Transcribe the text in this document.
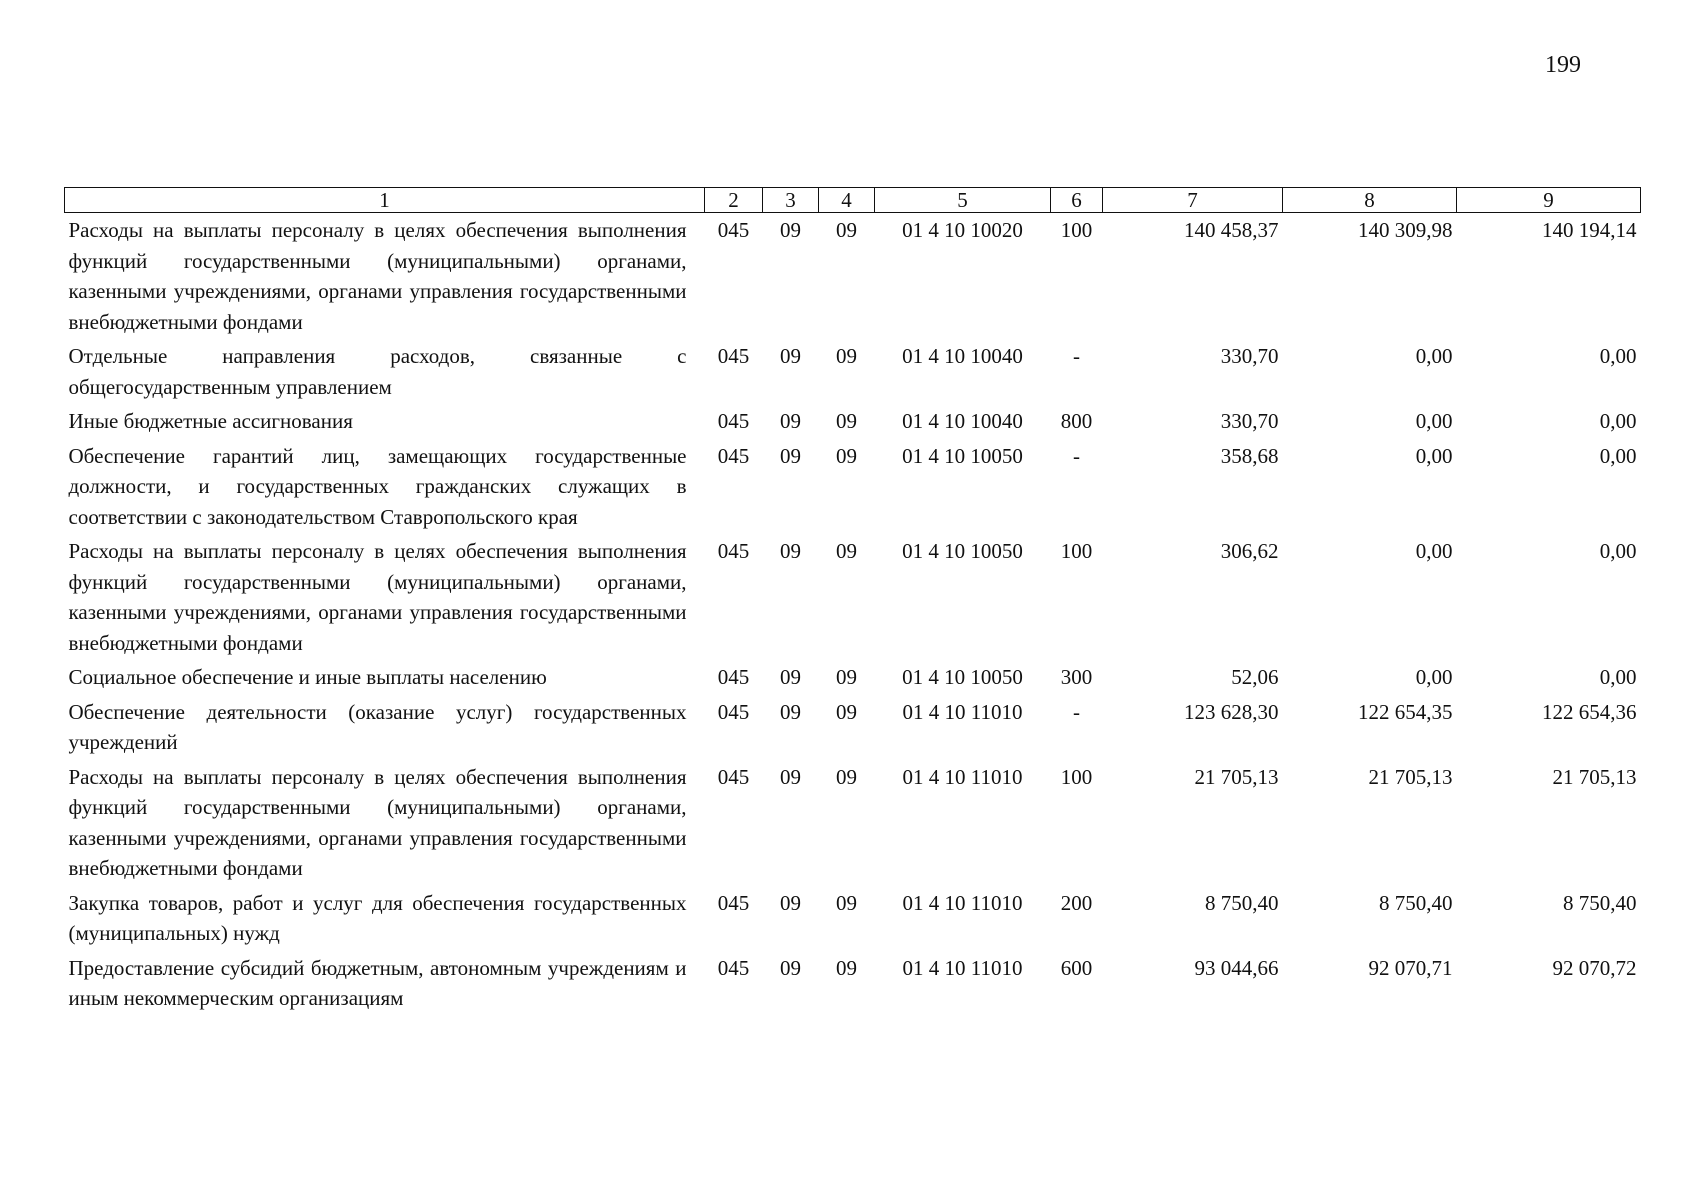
199
1	2	3	4	5	6	7	8	9
Расходы на выплаты персоналу в целях обеспечения выполнения функций государственными (муниципальными) органами, казенными учреждениями, органами управления государственными внебюджетными фондами	045	09	09	01 4 10 10020	100	140 458,37	140 309,98	140 194,14
Отдельные направления расходов, связанные с общегосударственным управлением	045	09	09	01 4 10 10040	-	330,70	0,00	0,00
Иные бюджетные ассигнования	045	09	09	01 4 10 10040	800	330,70	0,00	0,00
Обеспечение гарантий лиц, замещающих государственные должности, и государственных гражданских служащих в соответствии с законодательством Ставропольского края	045	09	09	01 4 10 10050	-	358,68	0,00	0,00
Расходы на выплаты персоналу в целях обеспечения выполнения функций государственными (муниципальными) органами, казенными учреждениями, органами управления государственными внебюджетными фондами	045	09	09	01 4 10 10050	100	306,62	0,00	0,00
Социальное обеспечение и иные выплаты населению	045	09	09	01 4 10 10050	300	52,06	0,00	0,00
Обеспечение деятельности (оказание услуг) государственных учреждений	045	09	09	01 4 10 11010	-	123 628,30	122 654,35	122 654,36
Расходы на выплаты персоналу в целях обеспечения выполнения функций государственными (муниципальными) органами, казенными учреждениями, органами управления государственными внебюджетными фондами	045	09	09	01 4 10 11010	100	21 705,13	21 705,13	21 705,13
Закупка товаров, работ и услуг для обеспечения государственных (муниципальных) нужд	045	09	09	01 4 10 11010	200	8 750,40	8 750,40	8 750,40
Предоставление субсидий бюджетным, автономным учреждениям и иным некоммерческим организациям	045	09	09	01 4 10 11010	600	93 044,66	92 070,71	92 070,72
